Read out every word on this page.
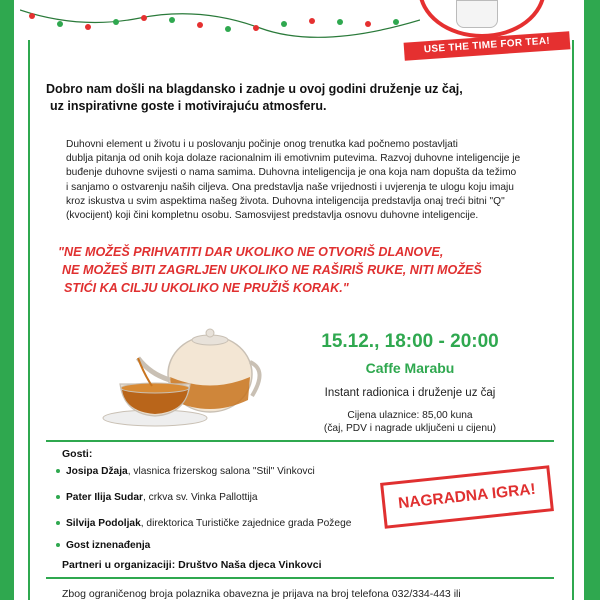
USE THE TIME FOR TEA!
Dobro nam došli na blagdansko i zadnje u ovoj godini druženje uz čaj,
uz inspirativne goste i motivirajuću atmosferu.
Duhovni element u životu i u poslovanju počinje onog trenutka kad počnemo postavljati
dublja pitanja od onih koja dolaze racionalnim ili emotivnim putevima. Razvoj duhovne inteligencije je
buđenje duhovne svijesti o nama samima. Duhovna inteligencija je ona koja nam dopušta da težimo
i sanjamo o ostvarenju naših ciljeva. Ona predstavlja naše vrijednosti i uvjerenja te ulogu koju imaju
kroz iskustva u svim aspektima našeg života. Duhovna inteligencija predstavlja onaj treći bitni "Q"
(kvocijent) koji čini kompletnu osobu. Samosvijest predstavlja osnovu duhovne inteligencije.
"NE MOŽEŠ PRIHVATITI DAR UKOLIKO NE OTVORIŠ DLANOVE,
NE MOŽEŠ BITI ZAGRLJEN UKOLIKO NE RAŠIRIŠ RUKE, NITI MOŽEŠ
STIĆI KA CILJU UKOLIKO NE PRUŽIŠ KORAK."
15.12., 18:00 - 20:00
Caffe Marabu
Instant radionica i druženje uz čaj
Cijena ulaznice: 85,00 kuna
(čaj, PDV i nagrade uključeni u cijenu)
Gosti:
Josipa Džaja, vlasnica frizerskog salona "Stil" Vinkovci
Pater Ilija Sudar, crkva sv. Vinka Pallottija
Silvija Podoljak, direktorica Turističke zajednice grada Požege
Gost iznenađenja
NAGRADNA IGRA!
Partneri u organizaciji: Društvo Naša djeca Vinkovci
Zbog ograničenog broja polaznika obavezna je prijava na broj telefona 032/334-443 ili
